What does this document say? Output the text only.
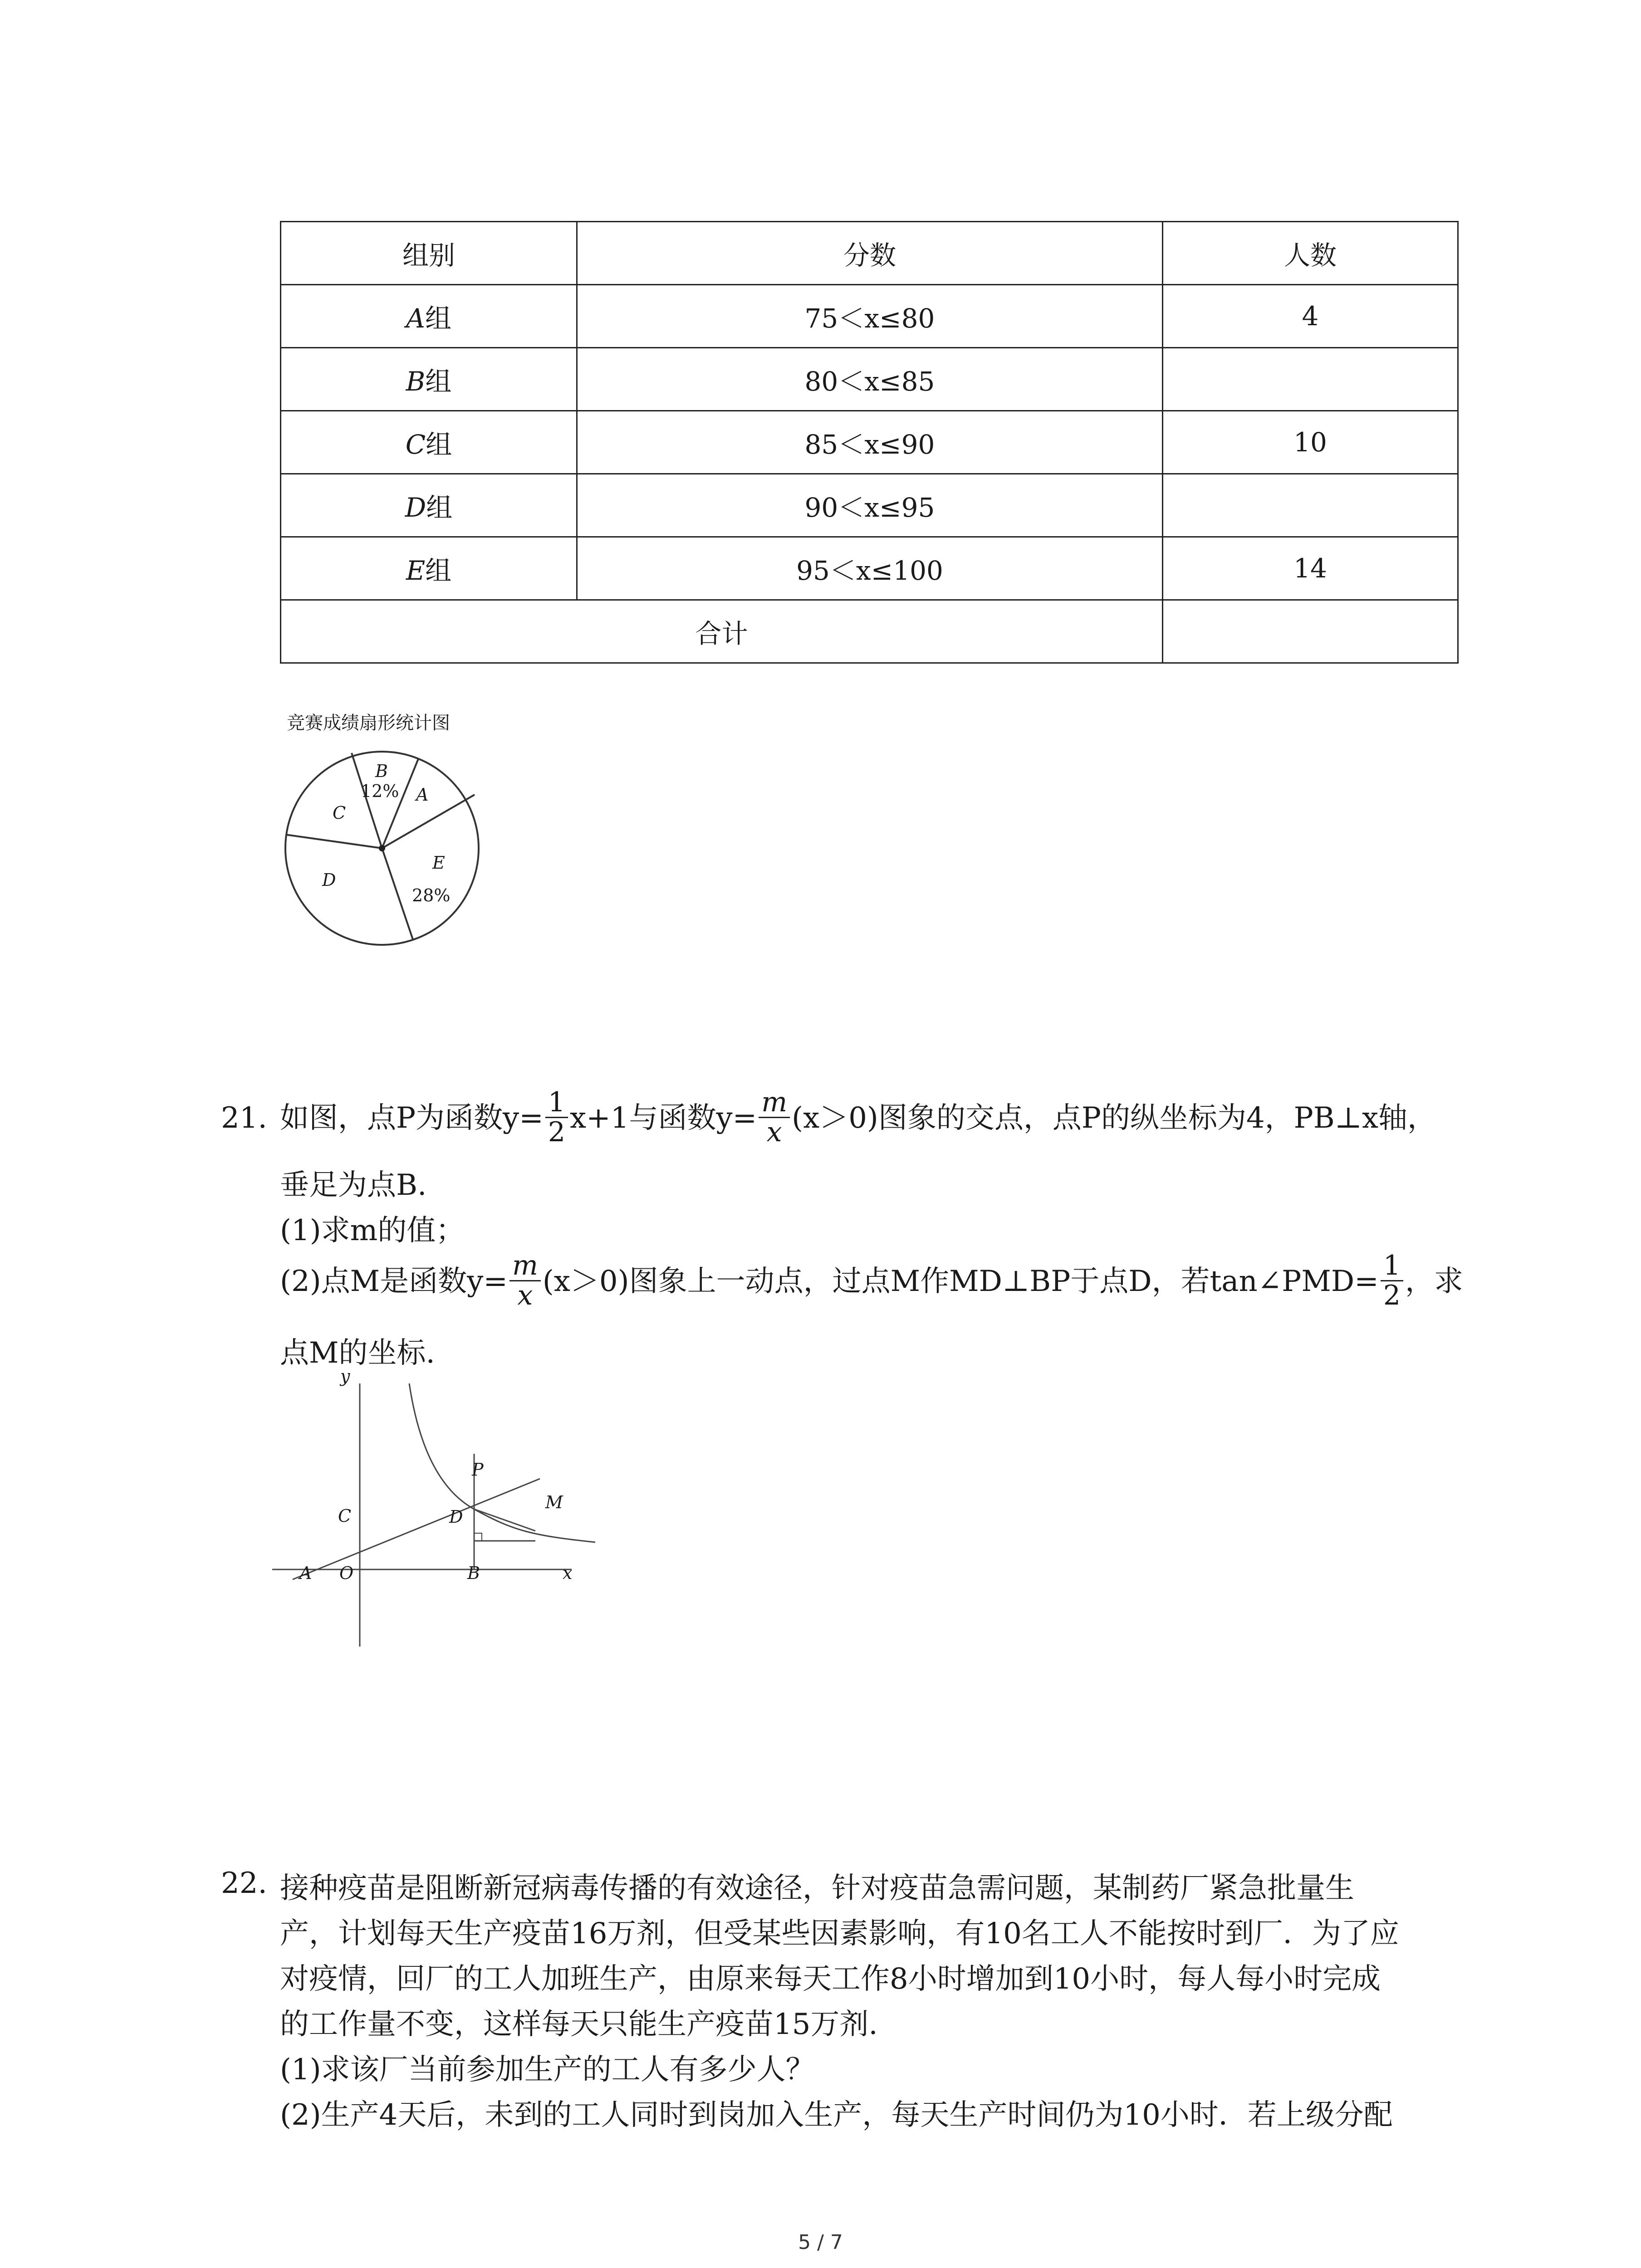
组别	分数	人数
A组	75＜x≤80	4
B组	80＜x≤85	
C组	85＜x≤90	10
D组	90＜x≤95	
E组	95＜x≤100	14
合计		
竞赛成绩扇形统计图
B
12% A
C
E
28%
D
21. 如图，点P为函数$y= \frac{1}{2} x+1$与函数$y= \frac{m}{x} (x>0)$图象的交点，点P的纵坐标为4，PB⊥x轴，
垂足为点B.
(1)求m的值；
(2)点M是函数$y= \frac{m}{x} (x>0)$图象上一动点，过点M作MD⊥BP于点D，若tan∠PMD= $\frac{1}{2}$ ，求
点M的坐标.
y
P
M
C	D
A O	B	x
22. 接种疫苗是阻断新冠病毒传播的有效途径，针对疫苗急需问题，某制药厂紧急批量生
产，计划每天生产疫苗16万剂，但受某些因素影响，有10名工人不能按时到厂．为了应
对疫情，回厂的工人加班生产，由原来每天工作8小时增加到10小时，每人每小时完成
的工作量不变，这样每天只能生产疫苗15万剂.
(1)求该厂当前参加生产的工人有多少人？
(2)生产4天后，未到的工人同时到岗加入生产，每天生产时间仍为10小时．若上级分配
5 / 7
